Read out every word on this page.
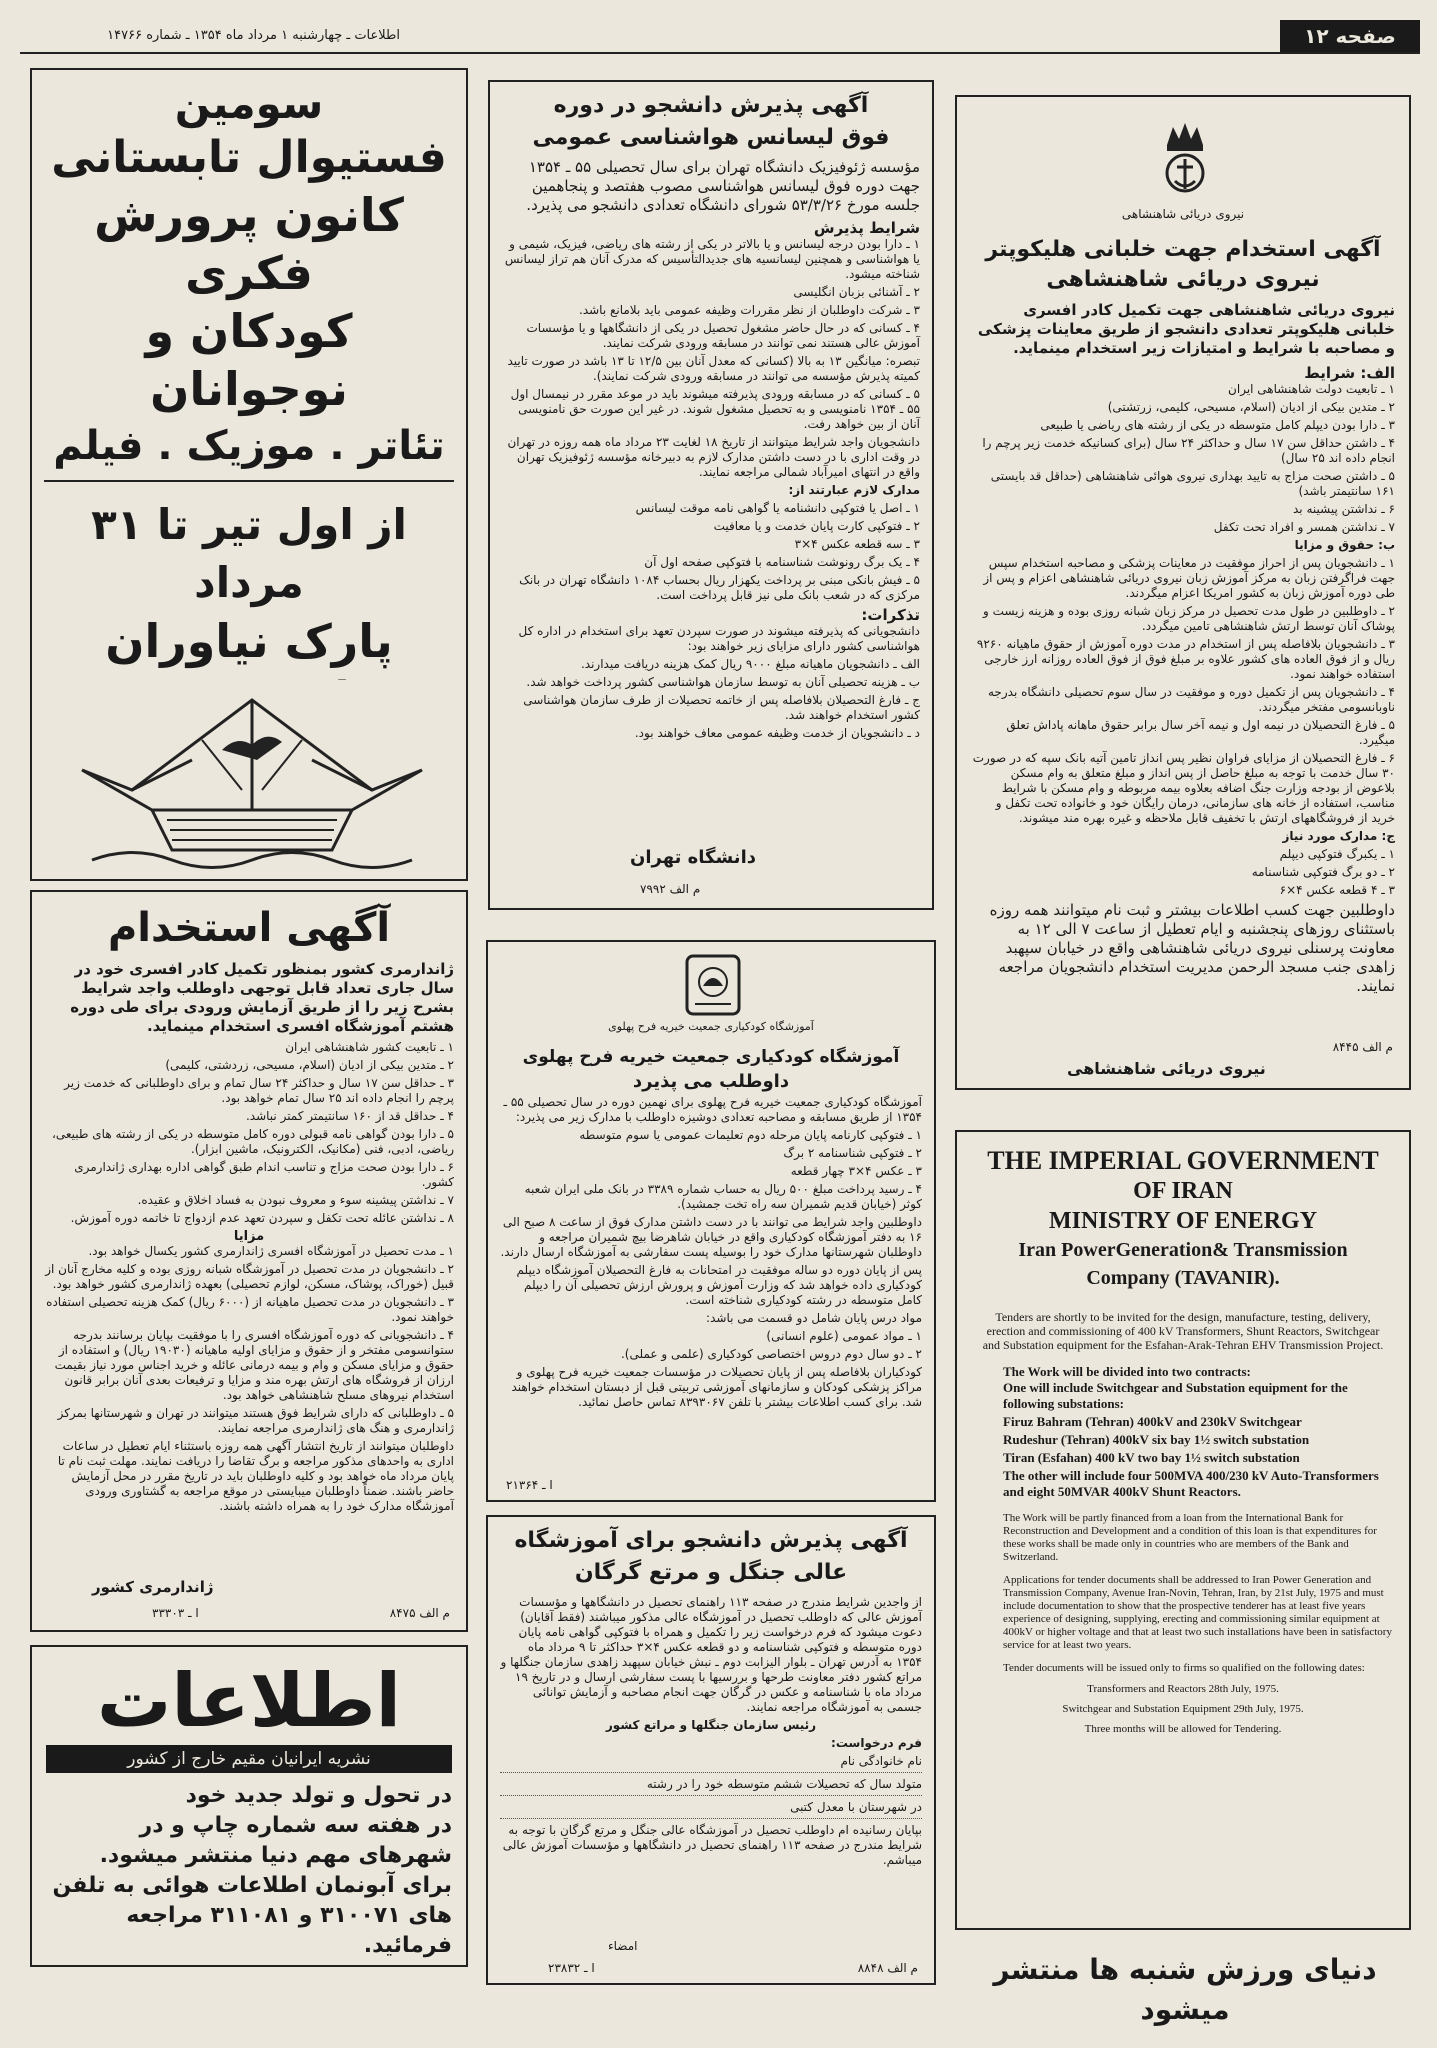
صفحه ۱۲
اطلاعات ـ چهارشنبه ۱ مرداد ماه ۱۳۵۴ ـ شماره ۱۴۷۶۶
سومین
فستیوال تابستانی
کانون پرورش فکری
کودکان و نوجوانان
تئاتر . موزیک . فیلم
از اول تیر تا ۳۱ مرداد
پارک نیاوران
آگهی استخدام
ژاندارمری کشور بمنظور تکمیل کادر افسری خود در سال جاری تعداد قابل توجهی داوطلب واجد شرایط بشرح زیر را از طریق آزمایش ورودی برای طی دوره هشتم آموزشگاه افسری استخدام مینماید.
۱ ـ تابعیت کشور شاهنشاهی ایران
۲ ـ متدین بیکی از ادیان (اسلام، مسیحی، زردشتی، کلیمی)
۳ ـ حداقل سن ۱۷ سال و حداکثر ۲۴ سال تمام و برای داوطلبانی که خدمت زیر پرچم را انجام داده اند ۲۵ سال تمام خواهد بود.
۴ ـ حداقل قد از ۱۶۰ سانتیمتر کمتر نباشد.
۵ ـ دارا بودن گواهی نامه قبولی دوره کامل متوسطه در یکی از رشته های طبیعی، ریاضی، ادبی، فنی (مکانیک، الکترونیک، ماشین ابزار).
۶ ـ دارا بودن صحت مزاج و تناسب اندام طبق گواهی اداره بهداری ژاندارمری کشور.
۷ ـ نداشتن پیشینه سوء و معروف نبودن به فساد اخلاق و عقیده.
۸ ـ نداشتن عائله تحت تکفل و سپردن تعهد عدم ازدواج تا خاتمه دوره آموزش.
مزایا
۱ ـ مدت تحصیل در آموزشگاه افسری ژاندارمری کشور یکسال خواهد بود.
۲ ـ دانشجویان در مدت تحصیل در آموزشگاه شبانه روزی بوده و کلیه مخارج آنان از قبیل (خوراک، پوشاک، مسکن، لوازم تحصیلی) بعهده ژاندارمری کشور خواهد بود.
۳ ـ دانشجویان در مدت تحصیل ماهیانه از (۶۰۰۰ ریال) کمک هزینه تحصیلی استفاده خواهند نمود.
۴ ـ دانشجویانی که دوره آموزشگاه افسری را با موفقیت بپایان برسانند بدرجه ستوانسومی مفتخر و از حقوق و مزایای اولیه ماهیانه (۱۹۰۳۰ ریال) و استفاده از حقوق و مزایای مسکن و وام و بیمه درمانی عائله و خرید اجناس مورد نیاز بقیمت ارزان از فروشگاه های ارتش بهره مند و مزایا و ترفیعات بعدی آنان برابر قانون استخدام نیروهای مسلح شاهنشاهی خواهد بود.
۵ ـ داوطلبانی که دارای شرایط فوق هستند میتوانند در تهران و شهرستانها بمرکز ژاندارمری و هنگ های ژاندارمری مراجعه نمایند.
داوطلبان میتوانند از تاریخ انتشار آگهی همه روزه باستثناء ایام تعطیل در ساعات اداری به واحدهای مذکور مراجعه و برگ تقاضا را دریافت نمایند. مهلت ثبت نام تا پایان مرداد ماه خواهد بود و کلیه داوطلبان باید در تاریخ مقرر در محل آزمایش حاضر باشند. ضمناً داوطلبان میبایستی در موقع مراجعه به گشتاوری ورودی آموزشگاه مدارک خود را به همراه داشته باشند.
ژاندارمری کشور
م الف ۸۴۷۵
ا ـ ۳۳۳۰۳
اطلاعات
نشریه ایرانیان مقیم خارج از کشور
در تحول و تولد جدید خود
در هفته سه شماره چاپ و در شهرهای مهم دنیا منتشر میشود.
برای آبونمان اطلاعات هوائی به تلفن های ۳۱۰۰۷۱ و ۳۱۱۰۸۱ مراجعه فرمائید.
آگهی پذیرش دانشجو در دوره
فوق لیسانس هواشناسی عمومی
مؤسسه ژئوفیزیک دانشگاه تهران برای سال تحصیلی ۵۵ ـ ۱۳۵۴ جهت دوره فوق لیسانس هواشناسی مصوب هفتصد و پنجاهمین جلسه مورخ ۵۳/۳/۲۶ شورای دانشگاه تعدادی دانشجو می پذیرد.
شرایط پذیرش
۱ ـ دارا بودن درجه لیسانس و یا بالاتر در یکی از رشته های ریاضی، فیزیک، شیمی و یا هواشناسی و همچنین لیسانسیه های جدیدالتأسیس که مدرک آنان هم تراز لیسانس شناخته میشود.
۲ ـ آشنائی بزبان انگلیسی
۳ ـ شرکت داوطلبان از نظر مقررات وظیفه عمومی باید بلامانع باشد.
۴ ـ کسانی که در حال حاضر مشغول تحصیل در یکی از دانشگاهها و یا مؤسسات آموزش عالی هستند نمی توانند در مسابقه ورودی شرکت نمایند.
تبصره: میانگین ۱۳ به بالا (کسانی که معدل آنان بین ۱۲/۵ تا ۱۳ باشد در صورت تایید کمیته پذیرش مؤسسه می توانند در مسابقه ورودی شرکت نمایند).
۵ ـ کسانی که در مسابقه ورودی پذیرفته میشوند باید در موعد مقرر در نیمسال اول ۵۵ ـ ۱۳۵۴ نامنویسی و به تحصیل مشغول شوند. در غیر این صورت حق نامنویسی آنان از بین خواهد رفت.
دانشجویان واجد شرایط میتوانند از تاریخ ۱۸ لغایت ۲۳ مرداد ماه همه روزه در تهران در وقت اداری با در دست داشتن مدارک لازم به دبیرخانه مؤسسه ژئوفیزیک تهران واقع در انتهای امیرآباد شمالی مراجعه نمایند.
مدارک لازم عبارتند از:
۱ ـ اصل یا فتوکپی دانشنامه یا گواهی نامه موقت لیسانس
۲ ـ فتوکپی کارت پایان خدمت و یا معافیت
۳ ـ سه قطعه عکس ۴×۳
۴ ـ یک برگ رونوشت شناسنامه با فتوکپی صفحه اول آن
۵ ـ فیش بانکی مبنی بر پرداخت یکهزار ریال بحساب ۱۰۸۴ دانشگاه تهران در بانک مرکزی که در شعب بانک ملی نیز قابل پرداخت است.
تذکرات:
دانشجویانی که پذیرفته میشوند در صورت سپردن تعهد برای استخدام در اداره کل هواشناسی کشور دارای مزایای زیر خواهند بود:
الف ـ دانشجویان ماهیانه مبلغ ۹۰۰۰ ریال کمک هزینه دریافت میدارند.
ب ـ هزینه تحصیلی آنان به توسط سازمان هواشناسی کشور پرداخت خواهد شد.
ج ـ فارغ التحصیلان بلافاصله پس از خاتمه تحصیلات از طرف سازمان هواشناسی کشور استخدام خواهند شد.
د ـ دانشجویان از خدمت وظیفه عمومی معاف خواهند بود.
دانشگاه تهران
م الف ۷۹۹۲
آموزشگاه کودکیاری جمعیت خیریه فرح پهلوی
آموزشگاه کودکیاری جمعیت خیریه فرح پهلوی
داوطلب می پذیرد
آموزشگاه کودکیاری جمعیت خیریه فرح پهلوی برای نهمین دوره در سال تحصیلی ۵۵ ـ ۱۳۵۴ از طریق مسابقه و مصاحبه تعدادی دوشیزه داوطلب با مدارک زیر می پذیرد:
۱ ـ فتوکپی کارنامه پایان مرحله دوم تعلیمات عمومی یا سوم متوسطه
۲ ـ فتوکپی شناسنامه ۲ برگ
۳ ـ عکس ۴×۳ چهار قطعه
۴ ـ رسید پرداخت مبلغ ۵۰۰ ریال به حساب شماره ۳۳۸۹ در بانک ملی ایران شعبه کوثر (خیابان قدیم شمیران سه راه تخت جمشید).
داوطلبین واجد شرایط می توانند با در دست داشتن مدارک فوق از ساعت ۸ صبح الی ۱۶ به دفتر آموزشگاه کودکیاری واقع در خیابان شاهرضا بیچ شمیران مراجعه و داوطلبان شهرستانها مدارک خود را بوسیله پست سفارشی به آموزشگاه ارسال دارند.
پس از پایان دوره دو ساله موفقیت در امتحانات به فارغ التحصیلان آموزشگاه دیپلم کودکیاری داده خواهد شد که وزارت آموزش و پرورش ارزش تحصیلی آن را دیپلم کامل متوسطه در رشته کودکیاری شناخته است.
مواد درس پایان شامل دو قسمت می باشد:
۱ ـ مواد عمومی (علوم انسانی)
۲ ـ دو سال دوم دروس اختصاصی کودکیاری (علمی و عملی).
کودکیاران بلافاصله پس از پایان تحصیلات در مؤسسات جمعیت خیریه فرح پهلوی و مراکز پزشکی کودکان و سازمانهای آموزشی تربیتی قبل از دبستان استخدام خواهند شد. برای کسب اطلاعات بیشتر با تلفن ۸۳۹۳۰۶۷ تماس حاصل نمائید.
ا ـ ۲۱۳۶۴
آگهی پذیرش دانشجو برای آموزشگاه
عالی جنگل و مرتع گرگان
از واجدین شرایط مندرج در صفحه ۱۱۳ راهنمای تحصیل در دانشگاهها و مؤسسات آموزش عالی که داوطلب تحصیل در آموزشگاه عالی مذکور میباشند (فقط آقایان) دعوت میشود که فرم درخواست زیر را تکمیل و همراه با فتوکپی گواهی نامه پایان دوره متوسطه و فتوکپی شناسنامه و دو قطعه عکس ۴×۳ حداکثر تا ۹ مرداد ماه ۱۳۵۴ به آدرس تهران ـ بلوار الیزابت دوم ـ نبش خیابان سپهبد زاهدی سازمان جنگلها و مراتع کشور دفتر معاونت طرحها و بررسیها با پست سفارشی ارسال و در تاریخ ۱۹ مرداد ماه با شناسنامه و عکس در گرگان جهت انجام مصاحبه و آزمایش توانائی جسمی به آموزشگاه مراجعه نمایند.
رئیس سازمان جنگلها و مراتع کشور
فرم درخواست:
نام خانوادگی نام
متولد سال که تحصیلات ششم متوسطه خود را در رشته
در شهرستان با معدل کتبی
بپایان رسانیده ام داوطلب تحصیل در آموزشگاه عالی جنگل و مرتع گرگان با توجه به شرایط مندرج در صفحه ۱۱۳ راهنمای تحصیل در دانشگاهها و مؤسسات آموزش عالی میباشم.
امضاء
م الف ۸۸۴۸
ا ـ ۲۳۸۳۲
نیروی دریائی شاهنشاهی
آگهی استخدام جهت خلبانی هلیکوپتر
نیروی دریائی شاهنشاهی
نیروی دریائی شاهنشاهی جهت تکمیل کادر افسری خلبانی هلیکوپتر تعدادی دانشجو از طریق معاینات پزشکی و مصاحبه با شرایط و امتیازات زیر استخدام مینماید.
الف: شرایط
۱ ـ تابعیت دولت شاهنشاهی ایران
۲ ـ متدین بیکی از ادیان (اسلام، مسیحی، کلیمی، زرتشتی)
۳ ـ دارا بودن دیپلم کامل متوسطه در یکی از رشته های ریاضی یا طبیعی
۴ ـ داشتن حداقل سن ۱۷ سال و حداکثر ۲۴ سال (برای کسانیکه خدمت زیر پرچم را انجام داده اند ۲۵ سال)
۵ ـ داشتن صحت مزاج به تایید بهداری نیروی هوائی شاهنشاهی (حداقل قد بایستی ۱۶۱ سانتیمتر باشد)
۶ ـ نداشتن پیشینه بد
۷ ـ نداشتن همسر و افراد تحت تکفل
ب: حقوق و مزایا
۱ ـ دانشجویان پس از احراز موفقیت در معاینات پزشکی و مصاحبه استخدام سپس جهت فراگرفتن زبان به مرکز آموزش زبان نیروی دریائی شاهنشاهی اعزام و پس از طی دوره آموزش زبان به کشور امریکا اعزام میگردند.
۲ ـ داوطلبین در طول مدت تحصیل در مرکز زبان شبانه روزی بوده و هزینه زیست و پوشاک آنان توسط ارتش شاهنشاهی تامین میگردد.
۳ ـ دانشجویان بلافاصله پس از استخدام در مدت دوره آموزش از حقوق ماهیانه ۹۲۶۰ ریال و از فوق العاده های کشور علاوه بر مبلغ فوق از فوق العاده روزانه ارز خارجی استفاده خواهند نمود.
۴ ـ دانشجویان پس از تکمیل دوره و موفقیت در سال سوم تحصیلی دانشگاه بدرجه ناوبانسومی مفتخر میگردند.
۵ ـ فارغ التحصیلان در نیمه اول و نیمه آخر سال برابر حقوق ماهانه پاداش تعلق میگیرد.
۶ ـ فارغ التحصیلان از مزایای فراوان نظیر پس انداز تامین آتیه بانک سپه که در صورت ۳۰ سال خدمت با توجه به مبلغ حاصل از پس انداز و مبلغ متعلق به وام مسکن بلاعوض از بودجه وزارت جنگ اضافه بعلاوه بیمه مربوطه و وام مسکن با شرایط مناسب، استفاده از خانه های سازمانی، درمان رایگان خود و خانواده تحت تکفل و خرید از فروشگاههای ارتش با تخفیف قابل ملاحظه و غیره بهره مند میشوند.
ج: مدارک مورد نیاز
۱ ـ یکبرگ فتوکپی دیپلم
۲ ـ دو برگ فتوکپی شناسنامه
۳ ـ ۴ قطعه عکس ۴×۶
داوطلبین جهت کسب اطلاعات بیشتر و ثبت نام میتوانند همه روزه باستثنای روزهای پنجشنبه و ایام تعطیل از ساعت ۷ الی ۱۲ به معاونت پرسنلی نیروی دریائی شاهنشاهی واقع در خیابان سپهبد زاهدی جنب مسجد الرحمن مدیریت استخدام دانشجویان مراجعه نمایند.
نیروی دریائی شاهنشاهی
م الف ۸۴۴۵
THE IMPERIAL GOVERNMENT
OF IRAN
MINISTRY OF ENERGY
Iran PowerGeneration& Transmission
Company (TAVANIR).

Tenders are shortly to be invited for the design, manufacture, testing, delivery, erection and commissioning of 400 kV Transformers, Shunt Reactors, Switchgear and Substation equipment for the Esfahan-Arak-Tehran EHV Transmission Project.

The Work will be divided into two contracts:
One will include Switchgear and Substation equipment for the following substations:
Firuz Bahram (Tehran) 400kV and 230kV Switchgear
Rudeshur (Tehran) 400kV six bay 1½ switch substation
Tiran (Esfahan) 400 kV two bay 1½ switch substation
The other will include four 500MVA 400/230 kV Auto-Transformers and eight 50MVAR 400kV Shunt Reactors.

The Work will be partly financed from a loan from the International Bank for Reconstruction and Development and a condition of this loan is that expenditures for these works shall be made only in countries who are members of the Bank and Switzerland.

Applications for tender documents shall be addressed to Iran Power Generation and Transmission Company, Avenue Iran-Novin, Tehran, Iran, by 21st July, 1975 and must include documentation to show that the prospective tenderer has at least five years experience of designing, supplying, erecting and commissioning similar equipment at 400kV or higher voltage and that at least two such installations have been in satisfactory service for at least two years.

Tender documents will be issued only to firms so qualified on the following dates:

Transformers and Reactors 28th July, 1975.
Switchgear and Substation Equipment 29th July, 1975.
Three months will be allowed for Tendering.
دنیای ورزش شنبه ها منتشر میشود
